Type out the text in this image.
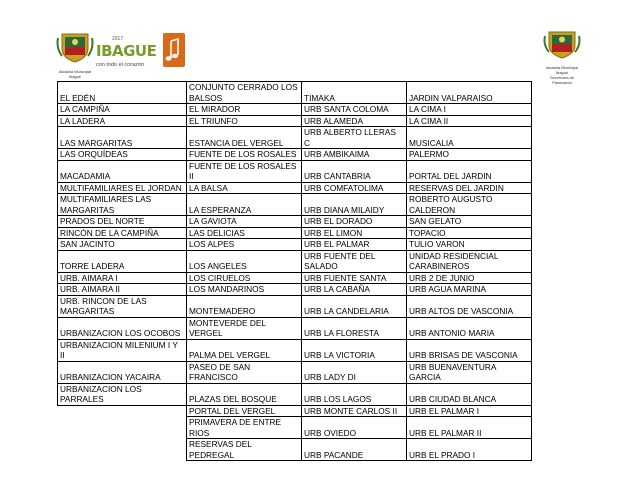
Alcaldía Municipal Ibagué
2017
IBAGUE
con todo el corazón	Alcaldía Municipal Ibagué
Secretaría de Planeación
EL EDÉN	CONJUNTO CERRADO LOS BALSOS	TIMAKA	JARDIN VALPARAISO
LA CAMPIÑA	EL MIRADOR	URB SANTA COLOMA	LA CIMA I
LA LADERA	EL TRIUNFO	URB ALAMEDA	LA CIMA II
LAS MARGARITAS	ESTANCIA DEL VERGEL	URB ALBERTO LLERAS C	MUSICALIA
LAS ORQUÍDEAS	FUENTE DE LOS ROSALES	URB AMBIKAIMA	PALERMO
MACADAMIA	FUENTE DE LOS ROSALES II	URB CANTABRIA	PORTAL DEL JARDIN
MULTIFAMILIARES EL JORDAN	LA BALSA	URB COMFATOLIMA	RESERVAS DEL JARDIN
MULTIFAMILIARES LAS MARGARITAS	LA ESPERANZA	URB DIANA MILAIDY	ROBERTO AUGUSTO CALDERON
PRADOS DEL NORTE	LA GAVIOTA	URB EL DORADO	SAN GELATO
RINCÓN DE LA CAMPIÑA	LAS DELICIAS	URB EL LIMON	TOPACIO
SAN JACINTO	LOS ALPES	URB EL PALMAR	TULIO VARON
TORRE LADERA	LOS ANGELES	URB FUENTE DEL SALADO	UNIDAD RESIDENCIAL CARABINEROS
URB. AIMARA I	LOS CIRUELOS	URB FUENTE SANTA	URB 2 DE JUNIO
URB. AIMARA II	LOS MANDARINOS	URB LA CABAÑA	URB AGUA MARINA
URB. RINCON DE LAS MARGARITAS	MONTEMADERO	URB LA CANDELARIA	URB ALTOS DE VASCONIA
URBANIZACION LOS OCOBOS	MONTEVERDE DEL VERGEL	URB LA FLORESTA	URB ANTONIO MARIA
URBANIZACION MILENIUM I Y II	PALMA DEL VERGEL	URB LA VICTORIA	URB BRISAS DE VASCONIA
URBANIZACION YACAIRA	PASEO DE SAN FRANCISCO	URB LADY DI	URB BUENAVENTURA GARCIA
URBANIZACION LOS PARRALES	PLAZAS DEL BOSQUE	URB LOS LAGOS	URB CIUDAD BLANCA
	PORTAL DEL VERGEL	URB MONTE CARLOS II	URB EL PALMAR I
	PRIMAVERA DE ENTRE RIOS	URB OVIEDO	URB EL PALMAR II
	RESERVAS DEL PEDREGAL	URB PACANDE	URB EL PRADO I
